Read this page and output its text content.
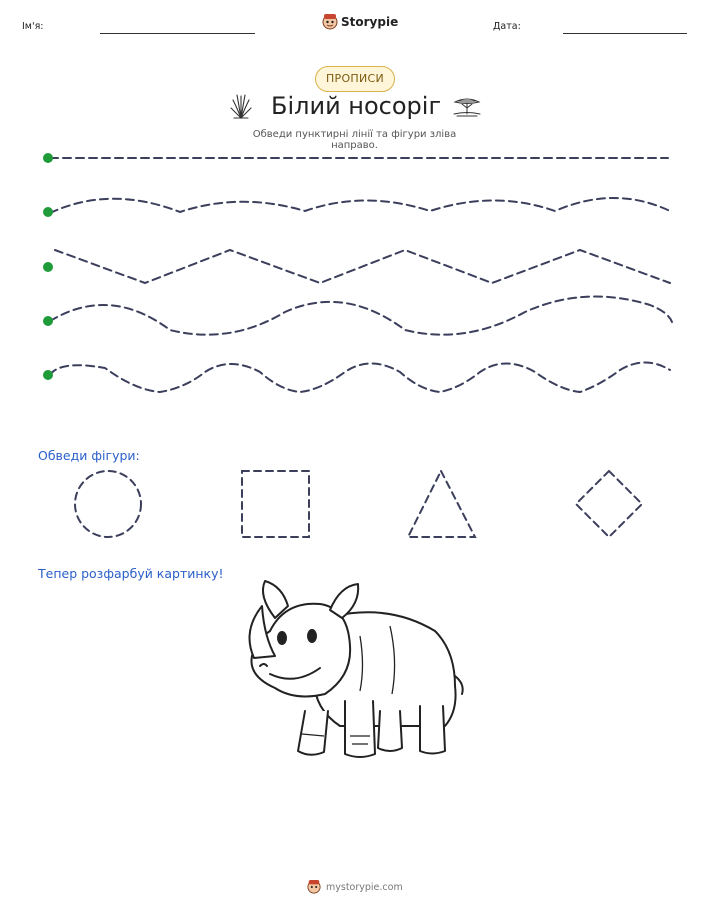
Ім'я:	Storypie	Дата:
ПРОПИСИ
Білий носоріг
Обведи пунктирні лінії та фігури зліва направо.
Обведи фігури:
Тепер розфарбуй картинку!
mystorypie.com
